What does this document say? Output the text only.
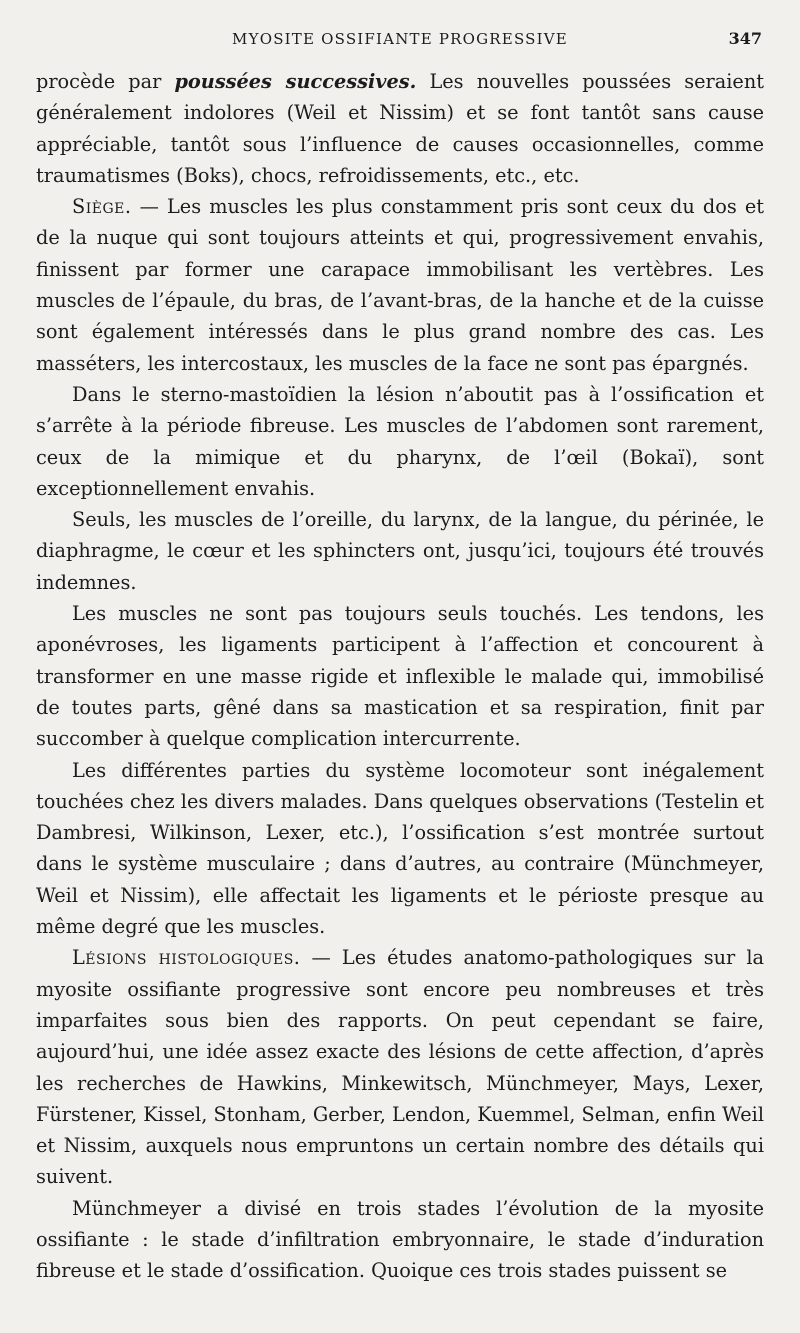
MYOSITE OSSIFIANTE PROGRESSIVE	347

procède par poussées successives. Les nouvelles poussées seraient généralement indolores (Weil et Nissim) et se font tantôt sans cause appréciable, tantôt sous l’influence de causes occasionnelles, comme traumatismes (Boks), chocs, refroidissements, etc., etc.

Siège. — Les muscles les plus constamment pris sont ceux du dos et de la nuque qui sont toujours atteints et qui, progressivement envahis, finissent par former une carapace immobilisant les vertèbres. Les muscles de l’épaule, du bras, de l’avant-bras, de la hanche et de la cuisse sont également intéressés dans le plus grand nombre des cas. Les masséters, les intercostaux, les muscles de la face ne sont pas épargnés.

Dans le sterno-mastoïdien la lésion n’aboutit pas à l’ossification et s’arrête à la période fibreuse. Les muscles de l’abdomen sont rarement, ceux de la mimique et du pharynx, de l’œil (Bokaï), sont exceptionnellement envahis.

Seuls, les muscles de l’oreille, du larynx, de la langue, du périnée, le diaphragme, le cœur et les sphincters ont, jusqu’ici, toujours été trouvés indemnes.

Les muscles ne sont pas toujours seuls touchés. Les tendons, les aponévroses, les ligaments participent à l’affection et concourent à transformer en une masse rigide et inflexible le malade qui, immobilisé de toutes parts, gêné dans sa mastication et sa respiration, finit par succomber à quelque complication intercurrente.

Les différentes parties du système locomoteur sont inégalement touchées chez les divers malades. Dans quelques observations (Testelin et Dambresi, Wilkinson, Lexer, etc.), l’ossification s’est montrée surtout dans le système musculaire ; dans d’autres, au contraire (Münchmeyer, Weil et Nissim), elle affectait les ligaments et le périoste presque au même degré que les muscles.

Lésions histologiques. — Les études anatomo-pathologiques sur la myosite ossifiante progressive sont encore peu nombreuses et très imparfaites sous bien des rapports. On peut cependant se faire, aujourd’hui, une idée assez exacte des lésions de cette affection, d’après les recherches de Hawkins, Minkewitsch, Münchmeyer, Mays, Lexer, Fürstener, Kissel, Stonham, Gerber, Lendon, Kuemmel, Selman, enfin Weil et Nissim, auxquels nous empruntons un certain nombre des détails qui suivent.

Münchmeyer a divisé en trois stades l’évolution de la myosite ossifiante : le stade d’infiltration embryonnaire, le stade d’induration fibreuse et le stade d’ossification. Quoique ces trois stades puissent se
